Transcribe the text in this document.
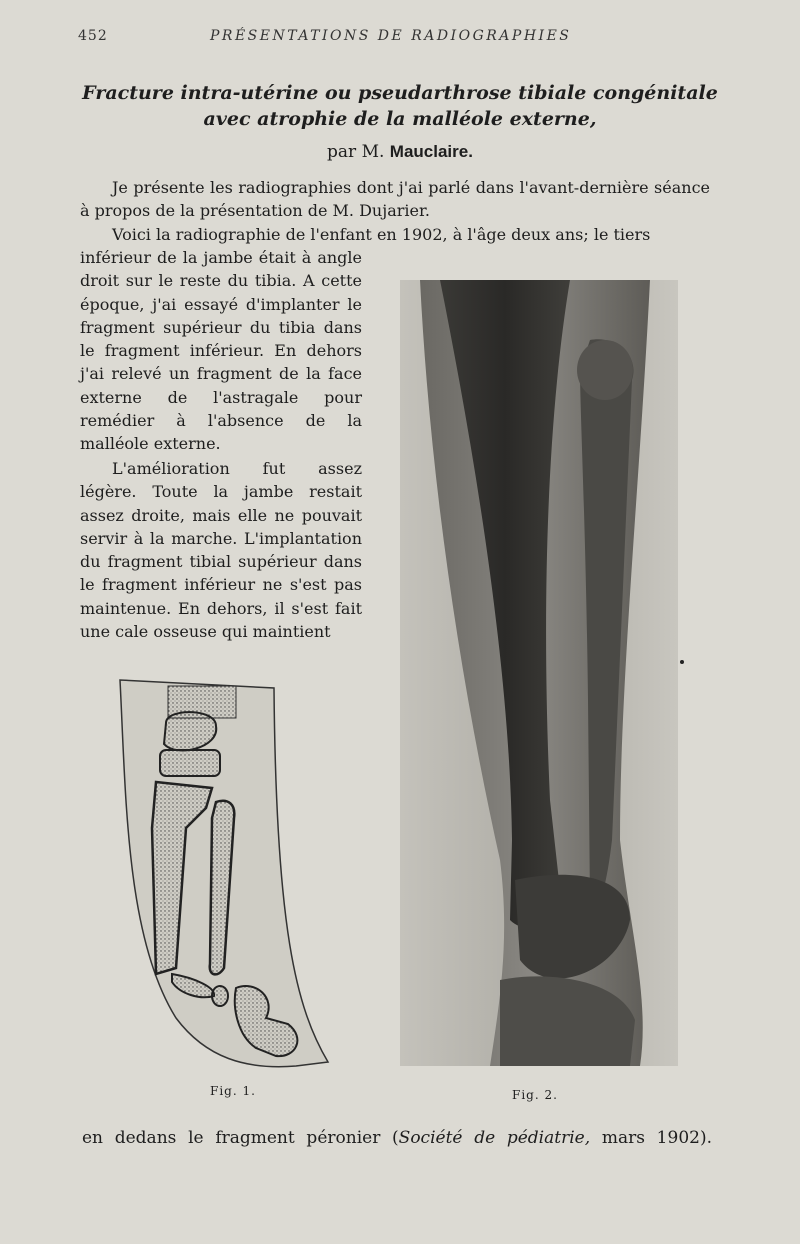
452	PRÉSENTATIONS DE RADIOGRAPHIES
Fracture intra-utérine ou pseudarthrose tibiale congénitale
avec atrophie de la malléole externe,
par M. Mauclaire.

Je présente les radiographies dont j'ai parlé dans l'avant-dernière séance à propos de la présentation de M. Dujarier.

Voici la radiographie de l'enfant en 1902, à l'âge deux ans; le tiers

inférieur de la jambe était à angle droit sur le reste du tibia. A cette époque, j'ai essayé d'implanter le fragment supérieur du tibia dans le fragment inférieur. En dehors j'ai relevé un fragment de la face externe de l'astragale pour remédier à l'absence de la malléole externe.

L'amélioration fut assez légère. Toute la jambe restait assez droite, mais elle ne pouvait servir à la marche. L'implantation du fragment tibial supérieur dans le fragment inférieur ne s'est pas maintenue. En dehors, il s'est fait une cale osseuse qui maintient

Fig. 1.	Fig. 2.
en dedans le fragment péronier (Société de pédiatrie, mars 1902).
